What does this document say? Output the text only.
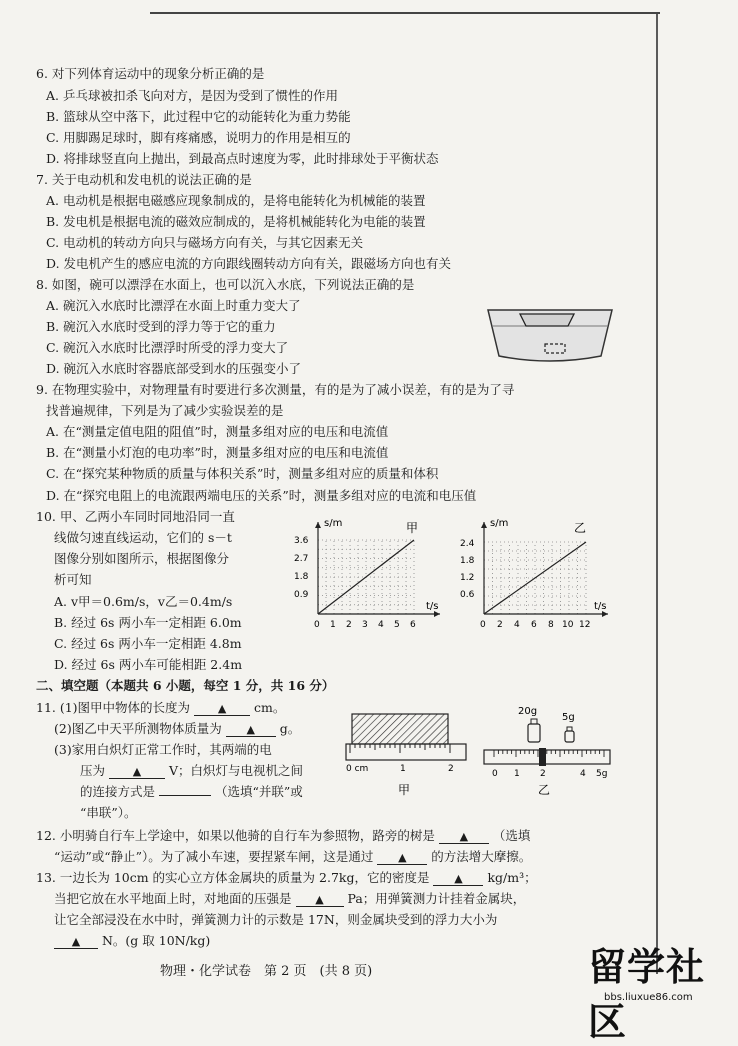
6. 对下列体育运动中的现象分析正确的是
A. 乒乓球被扣杀飞向对方，是因为受到了惯性的作用
B. 篮球从空中落下，此过程中它的动能转化为重力势能
C. 用脚踢足球时，脚有疼痛感，说明力的作用是相互的
D. 将排球竖直向上抛出，到最高点时速度为零，此时排球处于平衡状态
7. 关于电动机和发电机的说法正确的是
A. 电动机是根据电磁感应现象制成的，是将电能转化为机械能的装置
B. 发电机是根据电流的磁效应制成的，是将机械能转化为电能的装置
C. 电动机的转动方向只与磁场方向有关，与其它因素无关
D. 发电机产生的感应电流的方向跟线圈转动方向有关，跟磁场方向也有关
8. 如图，碗可以漂浮在水面上，也可以沉入水底，下列说法正确的是
A. 碗沉入水底时比漂浮在水面上时重力变大了
B. 碗沉入水底时受到的浮力等于它的重力
C. 碗沉入水底时比漂浮时所受的浮力变大了
D. 碗沉入水底时容器底部受到水的压强变小了
9. 在物理实验中，对物理量有时要进行多次测量，有的是为了减小误差，有的是为了寻
找普遍规律，下列是为了减少实验误差的是
A. 在“测量定值电阻的阻值”时，测量多组对应的电压和电流值
B. 在“测量小灯泡的电功率”时，测量多组对应的电压和电流值
C. 在“探究某种物质的质量与体积关系”时，测量多组对应的质量和体积
D. 在“探究电阻上的电流跟两端电压的关系”时，测量多组对应的电流和电压值
10. 甲、乙两小车同时同地沿同一直
线做匀速直线运动，它们的 s－t
图像分别如图所示，根据图像分
析可知
A. v甲＝0.6m/s，v乙＝0.4m/s
B. 经过 6s 两小车一定相距 6.0m
C. 经过 6s 两小车一定相距 4.8m
D. 经过 6s 两小车可能相距 2.4m
s/m
t/s
甲
3.6
2.7
1.8
0.9
0 1 2 3 4 5 6
s/m
t/s
乙
2.4
1.8
1.2
0.6
0 2 4 6 8 10 12
二、填空题（本题共 6 小题，每空 1 分，共 16 分）
11. (1)图甲中物体的长度为	▲ cm。
(2)图乙中天平所测物体质量为 ▲ g。
(3)家用白炽灯正常工作时，其两端的电
压为	▲ V；白炽灯与电视机之间
的连接方式是	（选填“并联”或
“串联”）。
0 cm	1	2
甲
20g
5g
0 1 2	4 5g
乙
12. 小明骑自行车上学途中，如果以他骑的自行车为参照物，路旁的树是 ▲ （选填
“运动”或“静止”）。为了减小车速，要捏紧车闸，这是通过 ▲ 的方法增大摩擦。
13. 一边长为 10cm 的实心立方体金属块的质量为 2.7kg，它的密度是 ▲ kg/m³；
当把它放在水平地面上时，对地面的压强是 ▲ Pa；用弹簧测力计挂着金属块，
让它全部浸没在水中时，弹簧测力计的示数是 17N，则金属块受到的浮力大小为
▲ N。(g 取 10N/kg)
物理・化学试卷　第 2 页　(共 8 页)	留学社区
bbs.liuxue86.com
